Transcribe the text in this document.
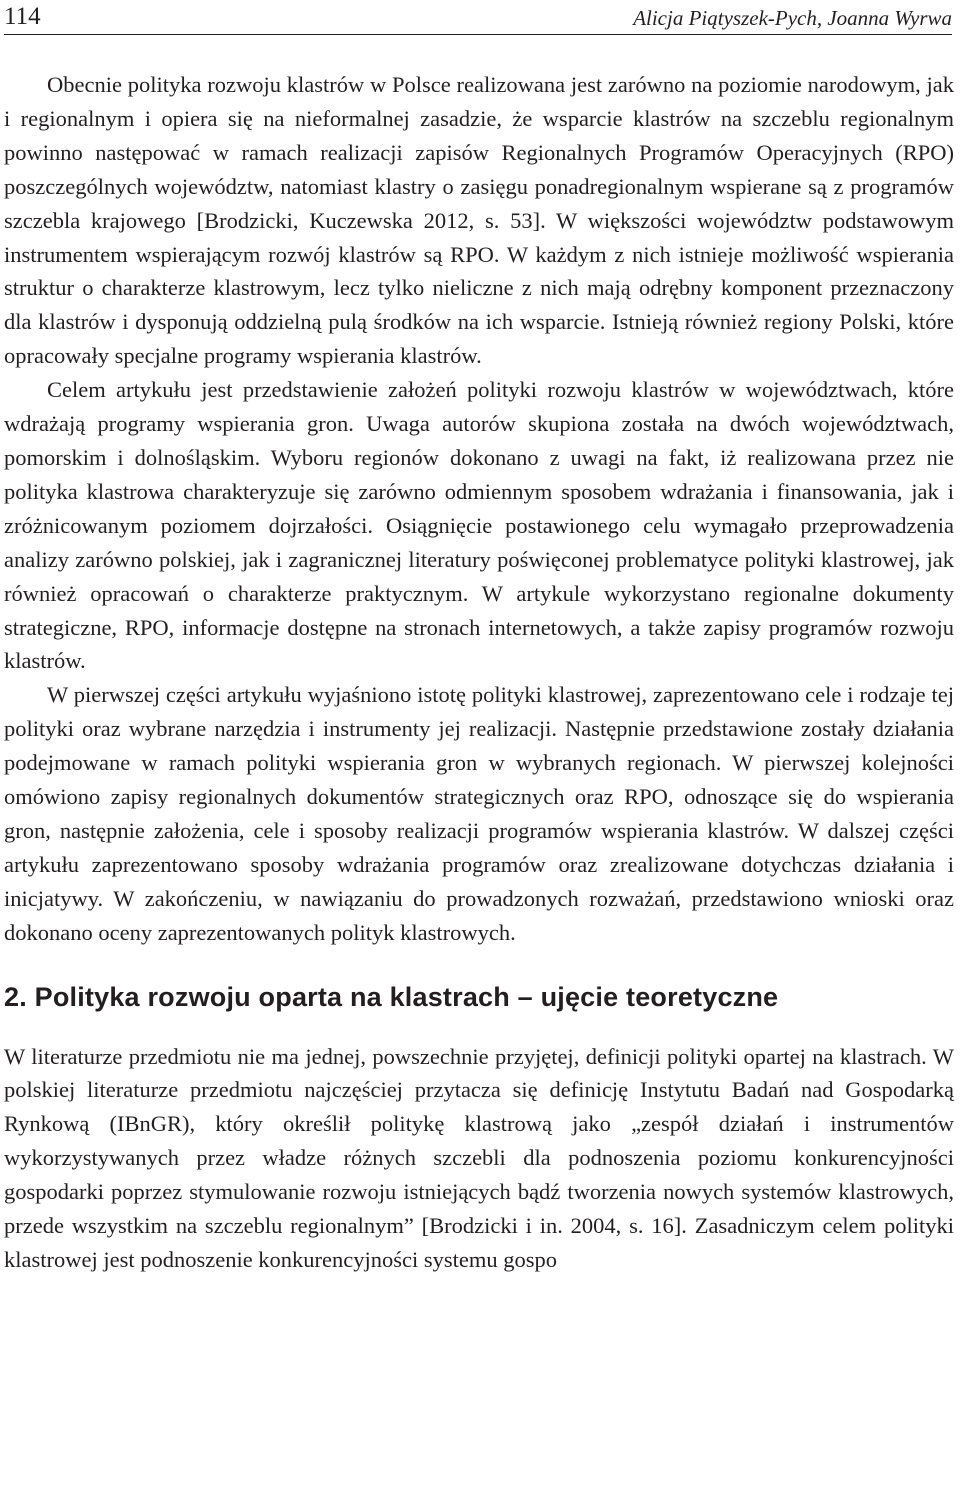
114	Alicja Piątyszek-Pych, Joanna Wyrwa

Obecnie polityka rozwoju klastrów w Polsce realizowana jest zarówno na poziomie narodowym, jak i regionalnym i opiera się na nieformalnej zasadzie, że wsparcie klastrów na szczeblu regionalnym powinno następować w ramach realizacji zapisów Regionalnych Programów Operacyjnych (RPO) poszczególnych województw, natomiast klastry o zasięgu ponadregionalnym wspierane są z programów szczebla krajowego [Brodzicki, Kuczewska 2012, s. 53]. W większości województw podstawowym instrumentem wspierającym rozwój klastrów są RPO. W każdym z nich istnieje możliwość wspierania struktur o charakterze klastrowym, lecz tylko nieliczne z nich mają odrębny komponent przeznaczony dla klastrów i dysponują oddzielną pulą środków na ich wsparcie. Istnieją również regiony Polski, które opracowały specjalne programy wspierania klastrów.

Celem artykułu jest przedstawienie założeń polityki rozwoju klastrów w województwach, które wdrażają programy wspierania gron. Uwaga autorów skupiona została na dwóch województwach, pomorskim i dolnośląskim. Wyboru regionów dokonano z uwagi na fakt, iż realizowana przez nie polityka klastrowa charakteryzuje się zarówno odmiennym sposobem wdrażania i finansowania, jak i zróżnicowanym poziomem dojrzałości. Osiągnięcie postawionego celu wymagało przeprowadzenia analizy zarówno polskiej, jak i zagranicznej literatury poświęconej problematyce polityki klastrowej, jak również opracowań o charakterze praktycznym. W artykule wykorzystano regionalne dokumenty strategiczne, RPO, informacje dostępne na stronach internetowych, a także zapisy programów rozwoju klastrów.

W pierwszej części artykułu wyjaśniono istotę polityki klastrowej, zaprezentowano cele i rodzaje tej polityki oraz wybrane narzędzia i instrumenty jej realizacji. Następnie przedstawione zostały działania podejmowane w ramach polityki wspierania gron w wybranych regionach. W pierwszej kolejności omówiono zapisy regionalnych dokumentów strategicznych oraz RPO, odnoszące się do wspierania gron, następnie założenia, cele i sposoby realizacji programów wspierania klastrów. W dalszej części artykułu zaprezentowano sposoby wdrażania programów oraz zrealizowane dotychczas działania i inicjatywy. W zakończeniu, w nawiązaniu do prowadzonych rozważań, przedstawiono wnioski oraz dokonano oceny zaprezentowanych polityk klastrowych.

2. Polityka rozwoju oparta na klastrach – ujęcie teoretyczne

W literaturze przedmiotu nie ma jednej, powszechnie przyjętej, definicji polityki opartej na klastrach. W polskiej literaturze przedmiotu najczęściej przytacza się definicję Instytutu Badań nad Gospodarką Rynkową (IBnGR), który określił politykę klastrową jako „zespół działań i instrumentów wykorzystywanych przez władze różnych szczebli dla podnoszenia poziomu konkurencyjności gospodarki poprzez stymulowanie rozwoju istniejących bądź tworzenia nowych systemów klastrowych, przede wszystkim na szczeblu regionalnym” [Brodzicki i in. 2004, s. 16]. Zasadniczym celem polityki klastrowej jest podnoszenie konkurencyjności systemu gospo
